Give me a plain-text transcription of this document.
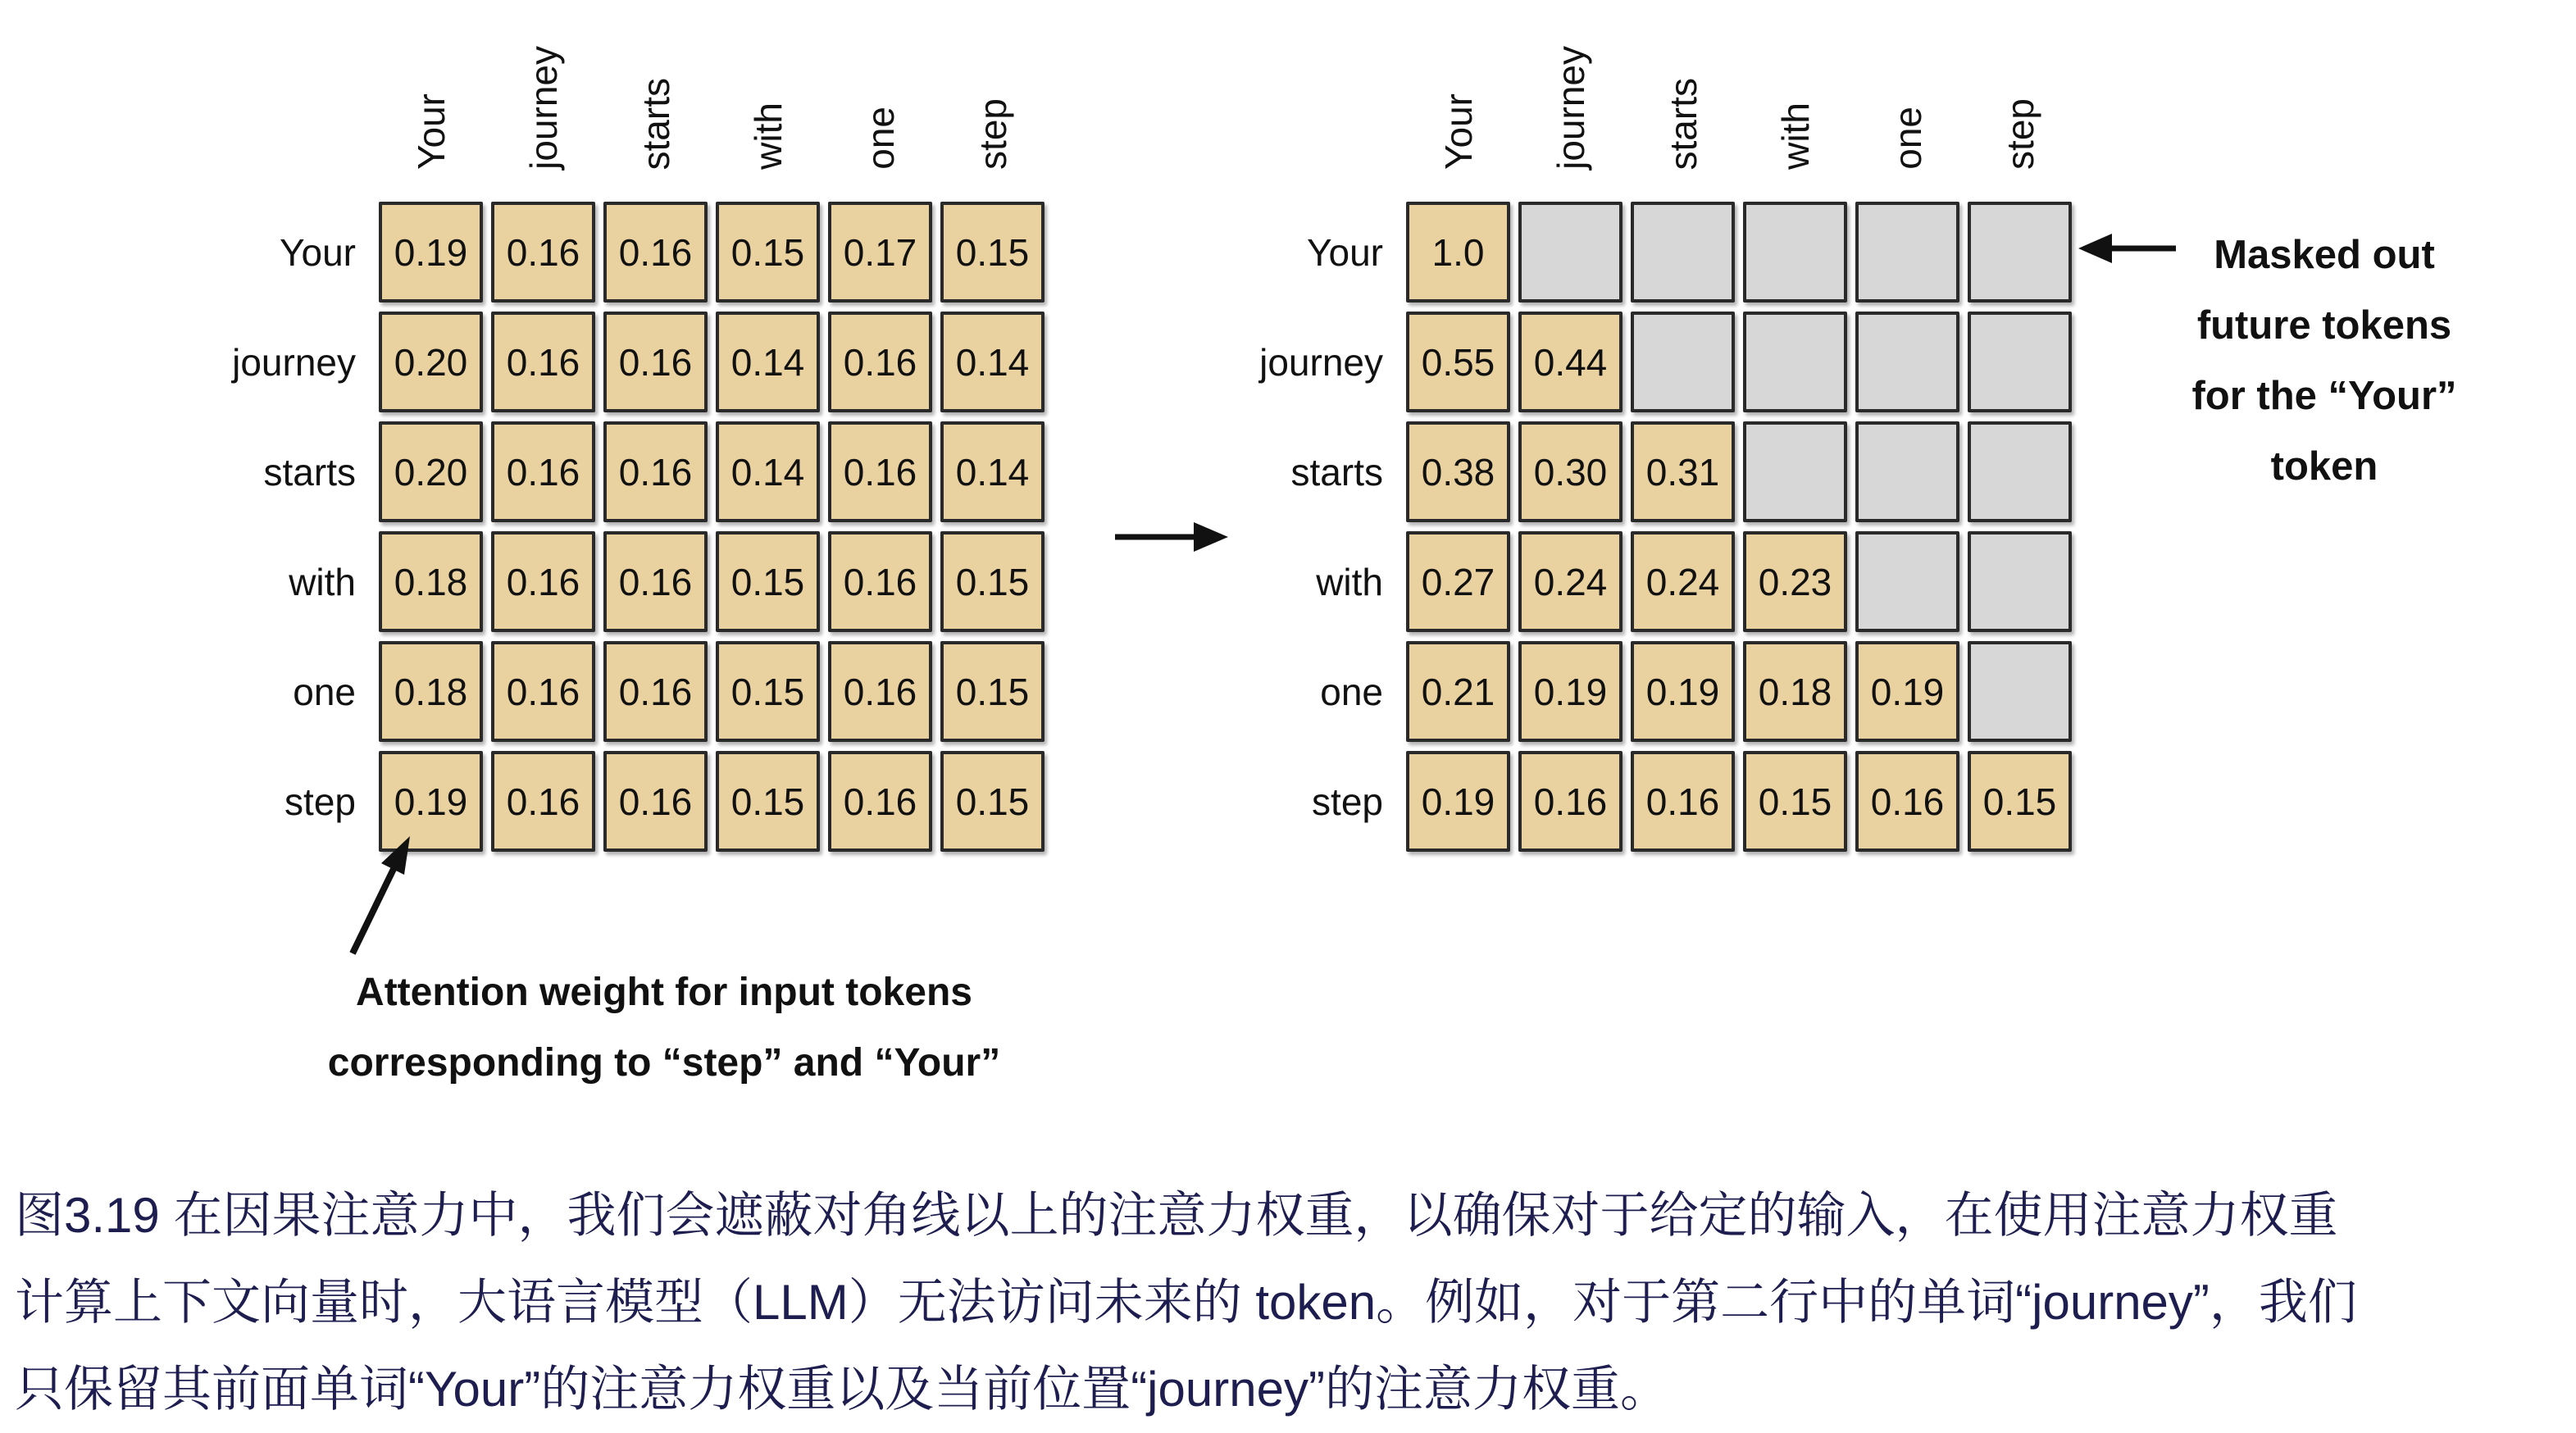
Your journey starts with one step
Your	0.19	0.16	0.16	0.15	0.17	0.15
journey	0.20	0.16	0.16	0.14	0.16	0.14
starts	0.20	0.16	0.16	0.14	0.16	0.14
with	0.18	0.16	0.16	0.15	0.16	0.15
one	0.18	0.16	0.16	0.15	0.16	0.15
step	0.19	0.16	0.16	0.15	0.16	0.15
Your journey starts with one step
Your	1.0
journey	0.55	0.44
starts	0.38	0.30	0.31
with	0.27	0.24	0.24	0.23
one	0.21	0.19	0.19	0.18	0.19
step	0.19	0.16	0.16	0.15	0.16	0.15
Masked out
future tokens
for the “Your”
token
Attention weight for input tokens
corresponding to “step” and “Your”
图3.19 在因果注意力中，我们会遮蔽对角线以上的注意力权重，以确保对于给定的输入，在使用注意力权重
计算上下文向量时，大语言模型（LLM）无法访问未来的 token。例如，对于第二行中的单词“journey”，我们
只保留其前面单词“Your”的注意力权重以及当前位置“journey”的注意力权重。
